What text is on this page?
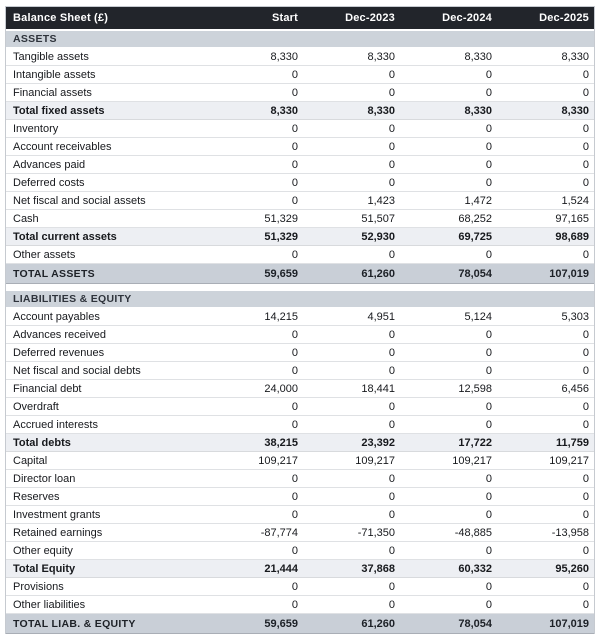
Balance Sheet (£)	Start	Dec-2023	Dec-2024	Dec-2025
ASSETS
Tangible assets	8,330	8,330	8,330	8,330
Intangible assets	0	0	0	0
Financial assets	0	0	0	0
Total fixed assets	8,330	8,330	8,330	8,330
Inventory	0	0	0	0
Account receivables	0	0	0	0
Advances paid	0	0	0	0
Deferred costs	0	0	0	0
Net fiscal and social assets	0	1,423	1,472	1,524
Cash	51,329	51,507	68,252	97,165
Total current assets	51,329	52,930	69,725	98,689
Other assets	0	0	0	0
TOTAL ASSETS	59,659	61,260	78,054	107,019
LIABILITIES & EQUITY
Account payables	14,215	4,951	5,124	5,303
Advances received	0	0	0	0
Deferred revenues	0	0	0	0
Net fiscal and social debts	0	0	0	0
Financial debt	24,000	18,441	12,598	6,456
Overdraft	0	0	0	0
Accrued interests	0	0	0	0
Total debts	38,215	23,392	17,722	11,759
Capital	109,217	109,217	109,217	109,217
Director loan	0	0	0	0
Reserves	0	0	0	0
Investment grants	0	0	0	0
Retained earnings	-87,774	-71,350	-48,885	-13,958
Other equity	0	0	0	0
Total Equity	21,444	37,868	60,332	95,260
Provisions	0	0	0	0
Other liabilities	0	0	0	0
TOTAL LIAB. & EQUITY	59,659	61,260	78,054	107,019
